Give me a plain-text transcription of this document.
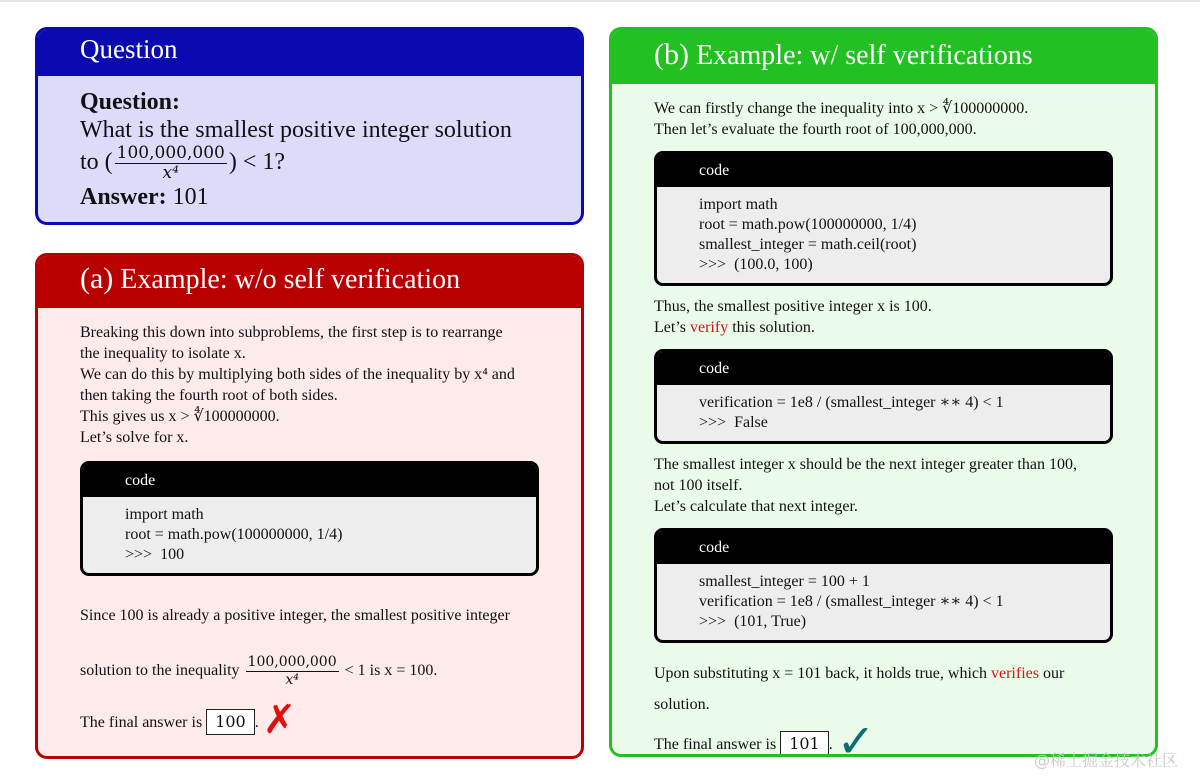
Question
Question:
What is the smallest positive integer solution
to ( $\frac{100,000,000}{\text{x⁴}}$ ) < 1?
Answer: 101
(a) Example: w/o self verification
Breaking this down into subproblems, the first step is to rearrange
the inequality to isolate x.
We can do this by multiplying both sides of the inequality by x⁴ and
then taking the fourth root of both sides.
This gives us x > ∜100000000.
Let’s solve for x.
code
import math
root = math.pow(100000000, 1/4)
>>>  100
Since 100 is already a positive integer, the smallest positive integer
solution to the inequality $\frac{100,000,000}{\text{x⁴}} < 1$ is x = 100.
The final answer is 100 . ✗
(b) Example: w/ self verifications
We can firstly change the inequality into x > ∜100000000.
Then let’s evaluate the fourth root of 100,000,000.
code
import math
root = math.pow(100000000, 1/4)
smallest_integer = math.ceil(root)
>>>  (100.0, 100)
Thus, the smallest positive integer x is 100.
Let’s verify this solution.
code
verification = 1e8 / (smallest_integer ∗∗ 4) < 1
>>>  False
The smallest integer x should be the next integer greater than 100,
not 100 itself.
Let’s calculate that next integer.
code
smallest_integer = 100 + 1
verification = 1e8 / (smallest_integer ∗∗ 4) < 1
>>>  (101, True)
Upon substituting x = 101 back, it holds true, which verifies our
solution.
The final answer is 101 .✓	@稀土掘金技术社区
